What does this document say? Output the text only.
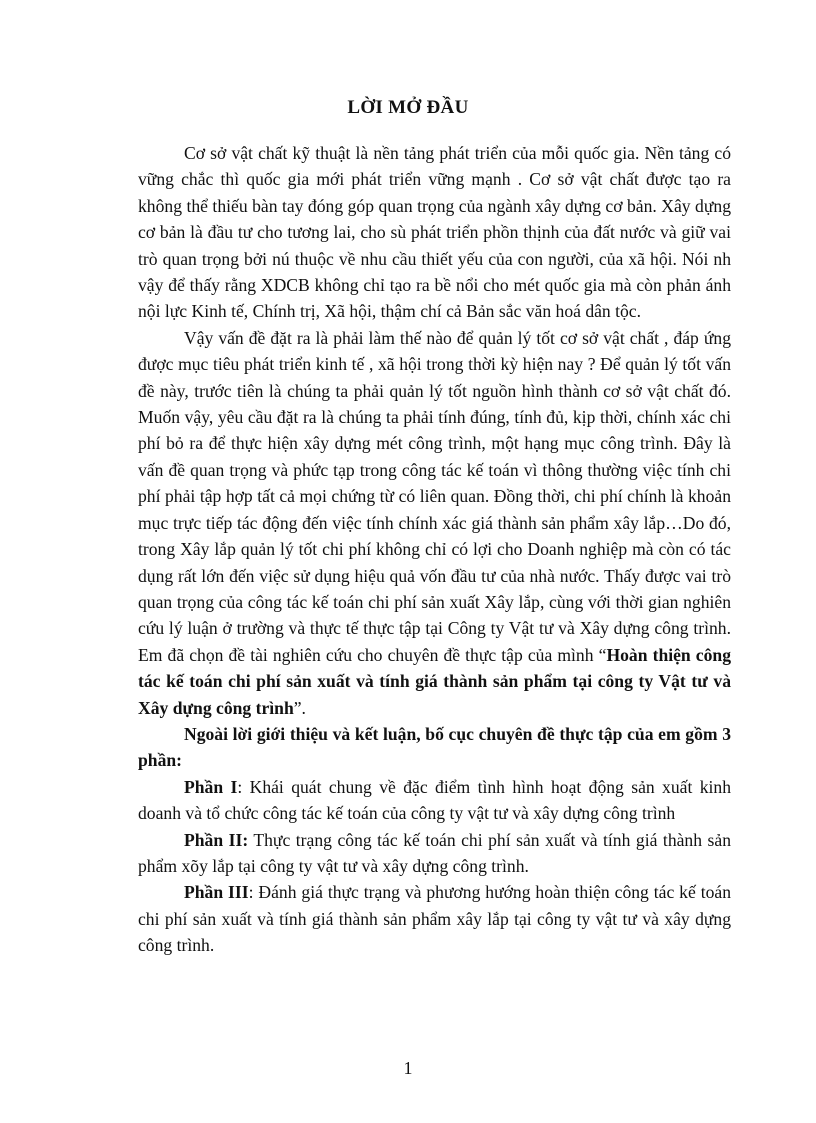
LỜI MỞ ĐẦU

Cơ sở vật chất kỹ thuật là nền tảng phát triển của mỗi quốc gia. Nền tảng có vững chắc thì quốc gia mới phát triển vững mạnh . Cơ sở vật chất được tạo ra không thể thiếu bàn tay đóng góp quan trọng của ngành xây dựng cơ bản. Xây dựng cơ bản là đầu tư cho tương lai, cho sù phát triển phồn thịnh của đất nước và giữ vai trò quan trọng bởi nú thuộc về nhu cầu thiết yếu của con người, của xã hội. Nói nh vậy để thấy rằng XDCB không chỉ tạo ra bề nổi cho mét quốc gia mà còn phản ánh nội lực Kinh tế, Chính trị, Xã hội, thậm chí cả Bản sắc văn hoá dân tộc.

Vậy vấn đề đặt ra là phải làm thế nào để quản lý tốt cơ sở vật chất , đáp ứng được mục tiêu phát triển kinh tế , xã hội trong thời kỳ hiện nay ? Để quản lý tốt vấn đề này, trước tiên là chúng ta phải quản lý tốt nguồn hình thành cơ sở vật chất đó. Muốn vậy, yêu cầu đặt ra là chúng ta phải tính đúng, tính đủ, kịp thời, chính xác chi phí bỏ ra để thực hiện xây dựng mét công trình, một hạng mục công trình. Đây là vấn đề quan trọng và phức tạp trong công tác kế toán vì thông thường việc tính chi phí phải tập hợp tất cả mọi chứng từ có liên quan. Đồng thời, chi phí chính là khoản mục trực tiếp tác động đến việc tính chính xác giá thành sản phẩm xây lắp…Do đó, trong Xây lắp quản lý tốt chi phí không chỉ có lợi cho Doanh nghiệp mà còn có tác dụng rất lớn đến việc sử dụng hiệu quả vốn đầu tư của nhà nước. Thấy được vai trò quan trọng của công tác kế toán chi phí sản xuất Xây lắp, cùng với thời gian nghiên cứu lý luận ở trường và thực tế thực tập tại Công ty Vật tư và Xây dựng công trình. Em đã chọn đề tài nghiên cứu cho chuyên đề thực tập của mình “Hoàn thiện công tác kế toán chi phí sản xuất và tính giá thành sản phẩm tại công ty Vật tư và Xây dựng công trình”.

Ngoài lời giới thiệu và kết luận, bố cục chuyên đề thực tập của em gồm 3 phần:

Phần I: Khái quát chung về đặc điểm tình hình hoạt động sản xuất kinh doanh và tổ chức công tác kế toán của công ty vật tư và xây dựng công trình

Phần II: Thực trạng công tác kế toán chi phí sản xuất và tính giá thành sản phẩm xõy lắp tại công ty vật tư và xây dựng công trình.

Phần III: Đánh giá thực trạng và phương hướng hoàn thiện công tác kế toán chi phí sản xuất và tính giá thành sản phẩm xây lắp tại công ty vật tư và xây dựng công trình.

1
